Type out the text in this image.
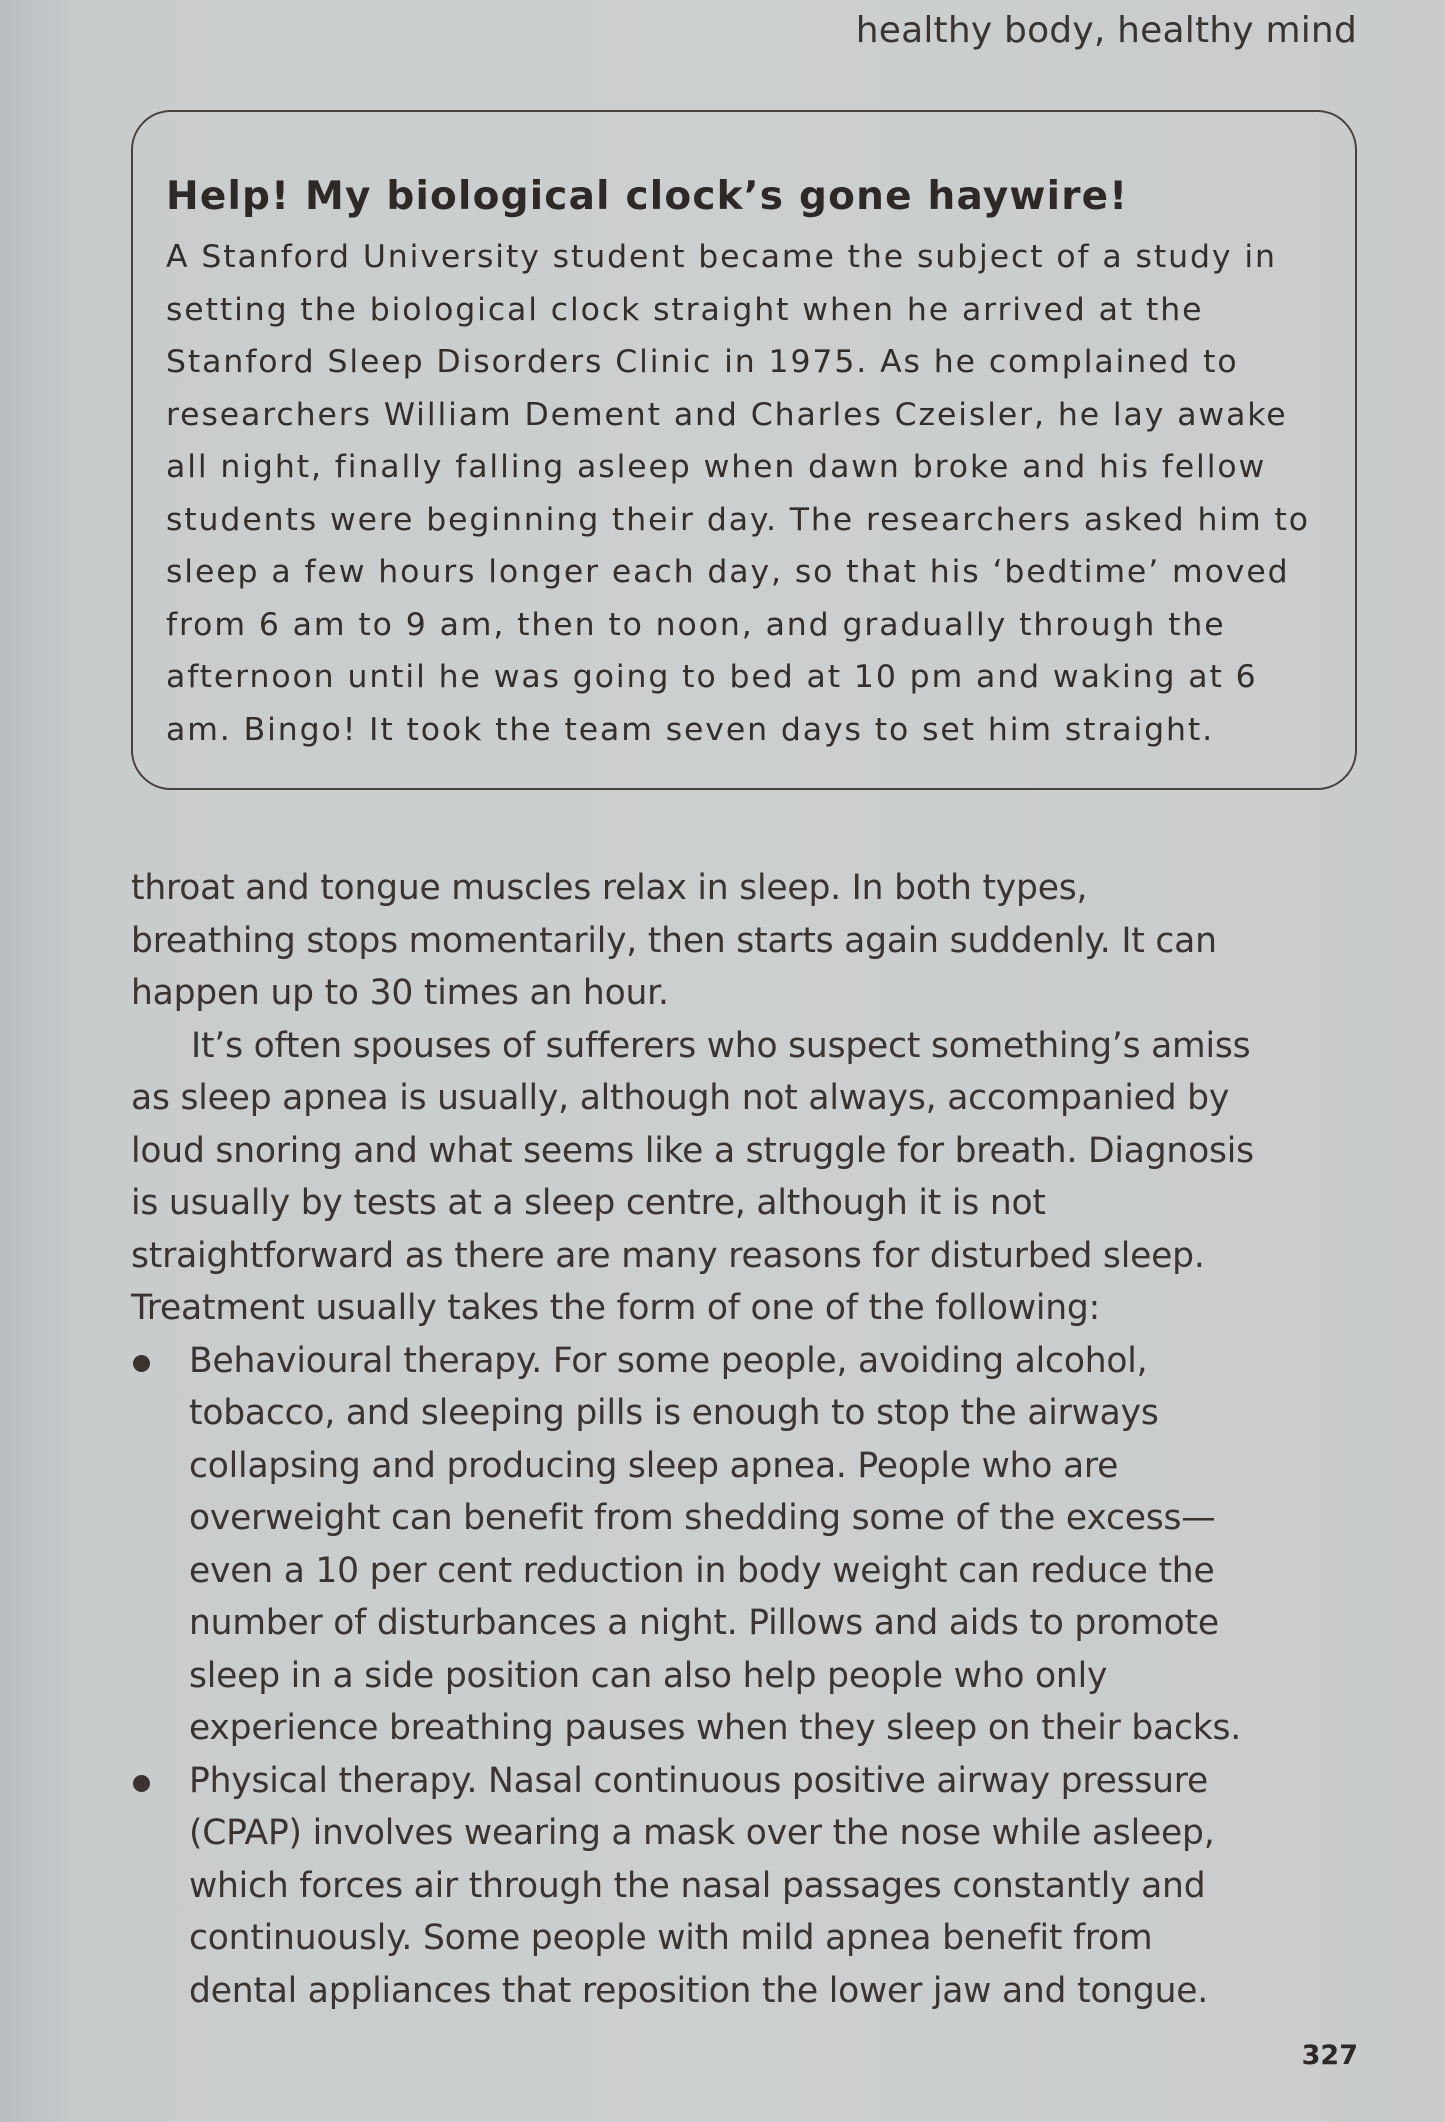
healthy body, healthy mind
Help! My biological clock’s gone haywire!

A Stanford University student became the subject of a study in setting the biological clock straight when he arrived at the Stanford Sleep Disorders Clinic in 1975. As he complained to researchers William Dement and Charles Czeisler, he lay awake all night, finally falling asleep when dawn broke and his fellow students were beginning their day. The researchers asked him to sleep a few hours longer each day, so that his ‘bedtime’ moved from 6 am to 9 am, then to noon, and gradually through the afternoon until he was going to bed at 10 pm and waking at 6 am. Bingo! It took the team seven days to set him straight.

throat and tongue muscles relax in sleep. In both types, breathing stops momentarily, then starts again suddenly. It can happen up to 30 times an hour.

It’s often spouses of sufferers who suspect something’s amiss as sleep apnea is usually, although not always, accompanied by loud snoring and what seems like a struggle for breath. Diagnosis is usually by tests at a sleep centre, although it is not straightforward as there are many reasons for disturbed sleep. Treatment usually takes the form of one of the following:

Behavioural therapy. For some people, avoiding alcohol, tobacco, and sleeping pills is enough to stop the airways collapsing and producing sleep apnea. People who are overweight can benefit from shedding some of the excess— even a 10 per cent reduction in body weight can reduce the number of disturbances a night. Pillows and aids to promote sleep in a side position can also help people who only experience breathing pauses when they sleep on their backs.
Physical therapy. Nasal continuous positive airway pressure (CPAP) involves wearing a mask over the nose while asleep, which forces air through the nasal passages constantly and continuously. Some people with mild apnea benefit from dental appliances that reposition the lower jaw and tongue.
327
